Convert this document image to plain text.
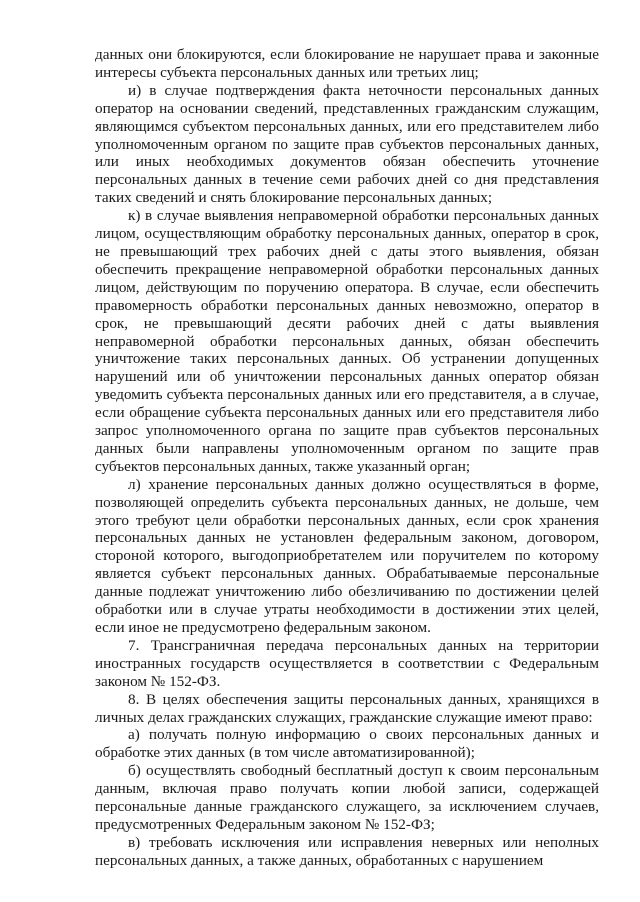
данных они блокируются, если блокирование не нарушает права и законные интересы субъекта персональных данных или третьих лиц;

и) в случае подтверждения факта неточности персональных данных оператор на основании сведений, представленных гражданским служащим, являющимся субъектом персональных данных, или его представителем либо уполномоченным органом по защите прав субъектов персональных данных, или иных необходимых документов обязан обеспечить уточнение персональных данных в течение семи рабочих дней со дня представления таких сведений и снять блокирование персональных данных;

к) в случае выявления неправомерной обработки персональных данных лицом, осуществляющим обработку персональных данных, оператор в срок, не превышающий трех рабочих дней с даты этого выявления, обязан обеспечить прекращение неправомерной обработки персональных данных лицом, действующим по поручению оператора. В случае, если обеспечить правомерность обработки персональных данных невозможно, оператор в срок, не превышающий десяти рабочих дней с даты выявления неправомерной обработки персональных данных, обязан обеспечить уничтожение таких персональных данных. Об устранении допущенных нарушений или об уничтожении персональных данных оператор обязан уведомить субъекта персональных данных или его представителя, а в случае, если обращение субъекта персональных данных или его представителя либо запрос уполномоченного органа по защите прав субъектов персональных данных были направлены уполномоченным органом по защите прав субъектов персональных данных, также указанный орган;

л) хранение персональных данных должно осуществляться в форме, позволяющей определить субъекта персональных данных, не дольше, чем этого требуют цели обработки персональных данных, если срок хранения персональных данных не установлен федеральным законом, договором, стороной которого, выгодоприобретателем или поручителем по которому является субъект персональных данных. Обрабатываемые персональные данные подлежат уничтожению либо обезличиванию по достижении целей обработки или в случае утраты необходимости в достижении этих целей, если иное не предусмотрено федеральным законом.

7. Трансграничная передача персональных данных на территории иностранных государств осуществляется в соответствии с Федеральным законом № 152-ФЗ.

8. В целях обеспечения защиты персональных данных, хранящихся в личных делах гражданских служащих, гражданские служащие имеют право:

а) получать полную информацию о своих персональных данных и обработке этих данных (в том числе автоматизированной);

б) осуществлять свободный бесплатный доступ к своим персональным данным, включая право получать копии любой записи, содержащей персональные данные гражданского служащего, за исключением случаев, предусмотренных Федеральным законом № 152-ФЗ;

в) требовать исключения или исправления неверных или неполных персональных данных, а также данных, обработанных с нарушением
